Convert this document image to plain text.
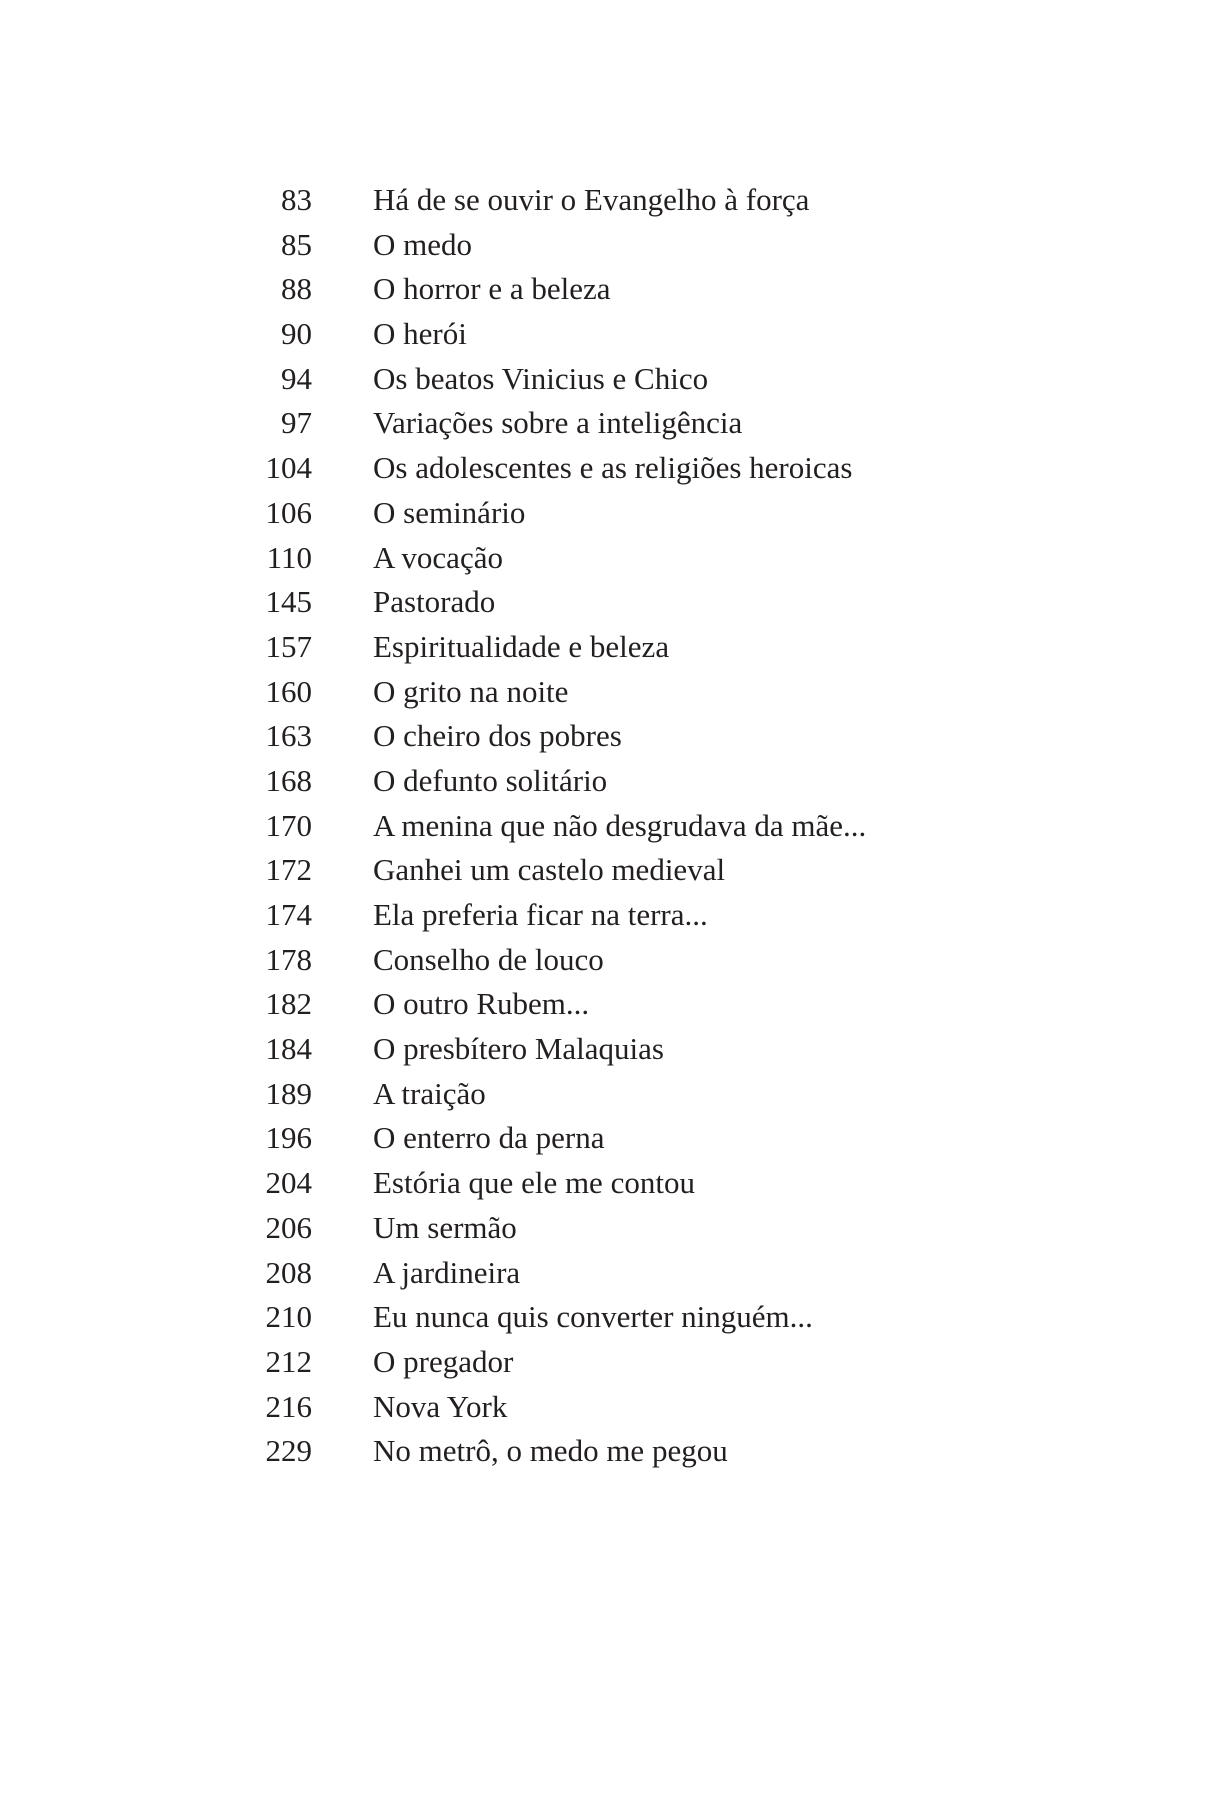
83 Há de se ouvir o Evangelho à força
85 O medo
88 O horror e a beleza
90 O herói
94 Os beatos Vinicius e Chico
97 Variações sobre a inteligência
104 Os adolescentes e as religiões heroicas
106 O seminário
110 A vocação
145 Pastorado
157 Espiritualidade e beleza
160 O grito na noite
163 O cheiro dos pobres
168 O defunto solitário
170 A menina que não desgrudava da mãe...
172 Ganhei um castelo medieval
174 Ela preferia ficar na terra...
178 Conselho de louco
182 O outro Rubem...
184 O presbítero Malaquias
189 A traição
196 O enterro da perna
204 Estória que ele me contou
206 Um sermão
208 A jardineira
210 Eu nunca quis converter ninguém...
212 O pregador
216 Nova York
229 No metrô, o medo me pegou
